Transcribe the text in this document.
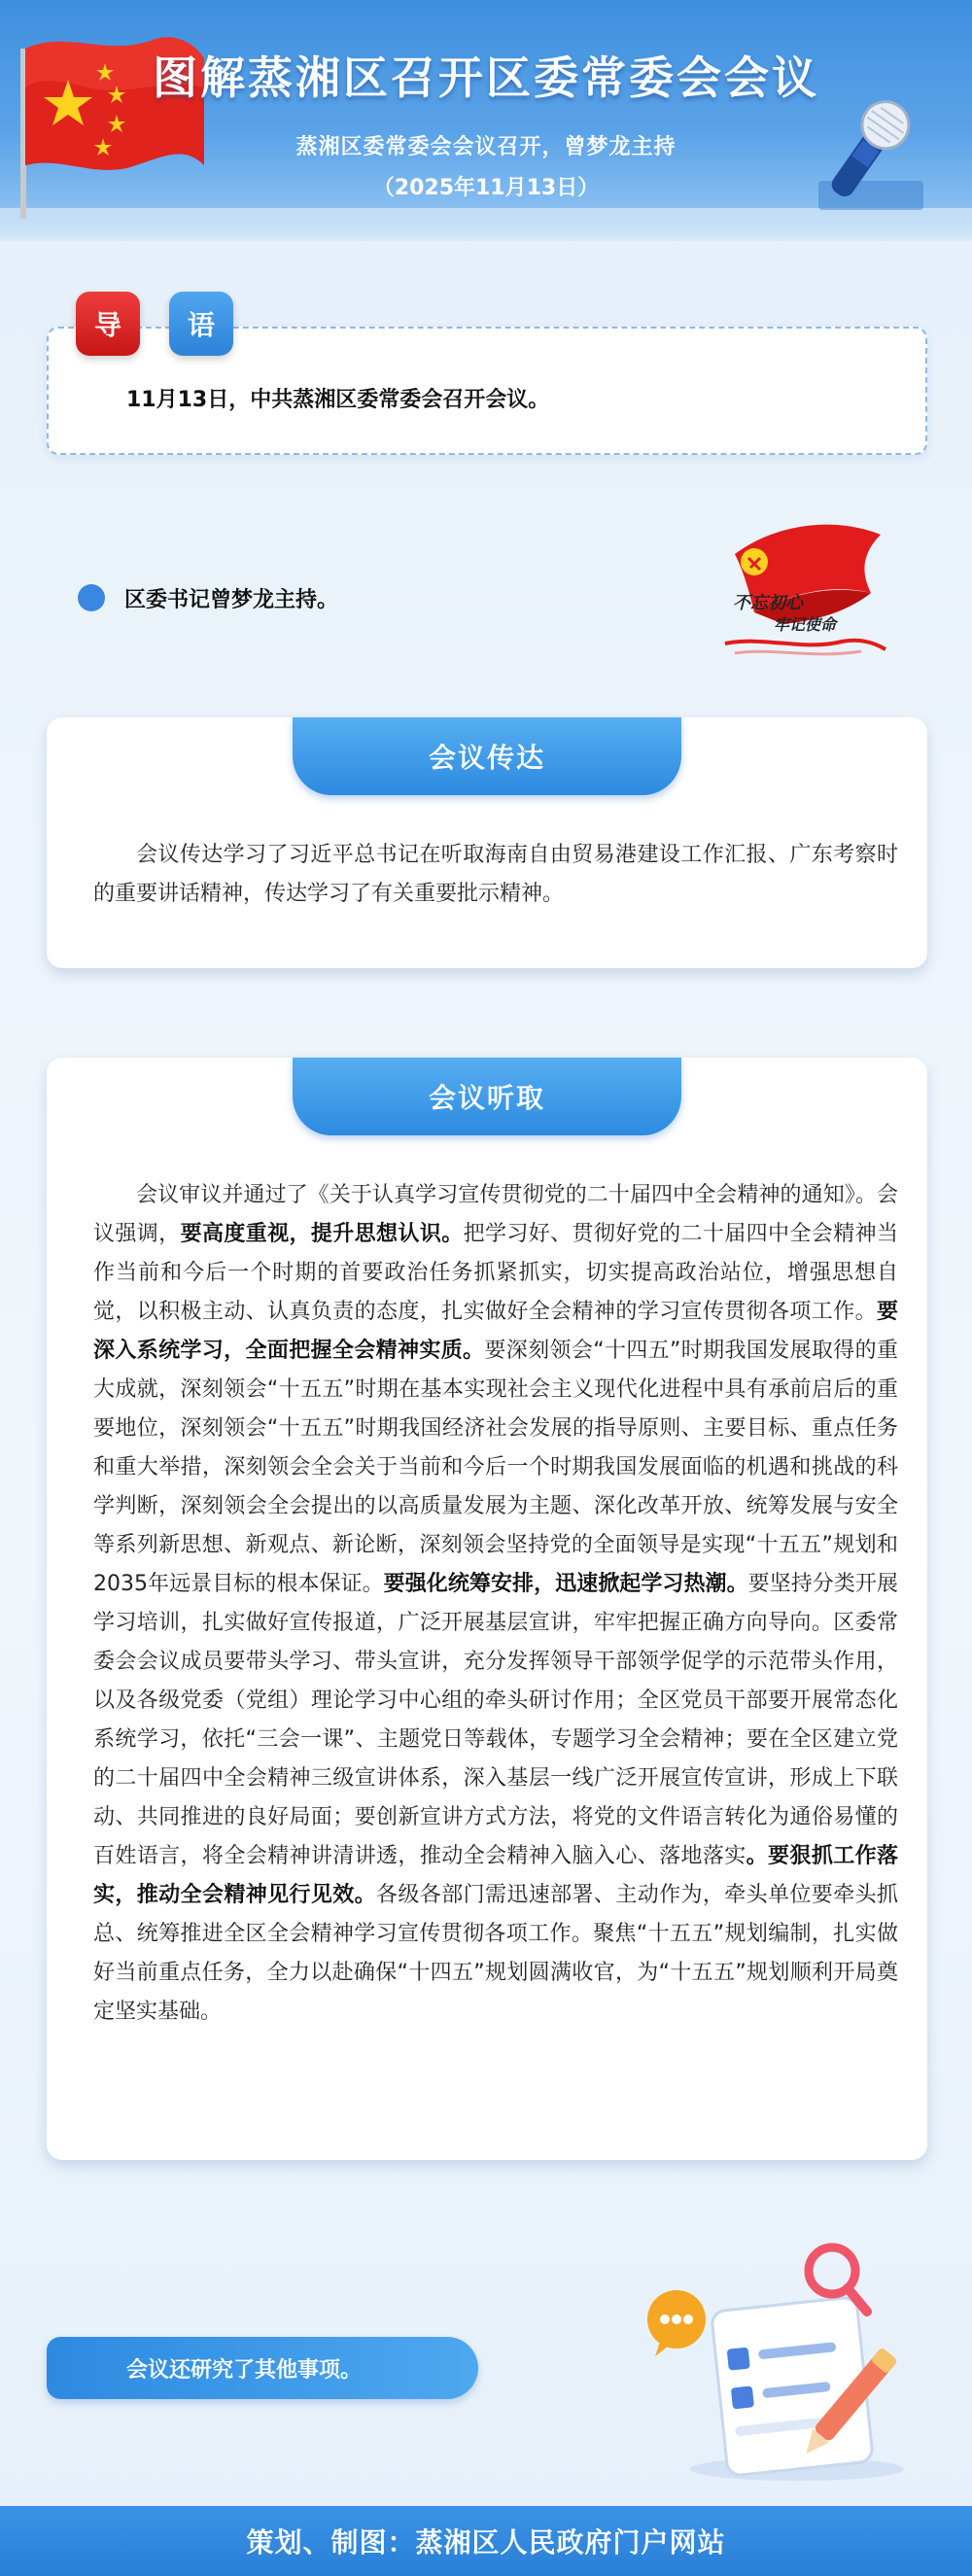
图解蒸湘区召开区委常委会会议
蒸湘区委常委会会议召开，曾梦龙主持
（2025年11月13日）
11月13日，中共蒸湘区委常委会召开会议。
导	语
区委书记曾梦龙主持。	不忘初心
牢记使命
会议传达
会议传达学习了习近平总书记在听取海南自由贸易港建设工作汇报、广东考察时的重要讲话精神，传达学习了有关重要批示精神。
会议听取
会议审议并通过了《关于认真学习宣传贯彻党的二十届四中全会精神的通知》。会议强调，要高度重视，提升思想认识。把学习好、贯彻好党的二十届四中全会精神当作当前和今后一个时期的首要政治任务抓紧抓实，切实提高政治站位，增强思想自觉，以积极主动、认真负责的态度，扎实做好全会精神的学习宣传贯彻各项工作。要深入系统学习，全面把握全会精神实质。要深刻领会“十四五”时期我国发展取得的重大成就，深刻领会“十五五”时期在基本实现社会主义现代化进程中具有承前启后的重要地位，深刻领会“十五五”时期我国经济社会发展的指导原则、主要目标、重点任务和重大举措，深刻领会全会关于当前和今后一个时期我国发展面临的机遇和挑战的科学判断，深刻领会全会提出的以高质量发展为主题、深化改革开放、统筹发展与安全等系列新思想、新观点、新论断，深刻领会坚持党的全面领导是实现“十五五”规划和2035年远景目标的根本保证。要强化统筹安排，迅速掀起学习热潮。要坚持分类开展学习培训，扎实做好宣传报道，广泛开展基层宣讲，牢牢把握正确方向导向。区委常委会会议成员要带头学习、带头宣讲，充分发挥领导干部领学促学的示范带头作用，以及各级党委（党组）理论学习中心组的牵头研讨作用；全区党员干部要开展常态化系统学习，依托“三会一课”、主题党日等载体，专题学习全会精神；要在全区建立党的二十届四中全会精神三级宣讲体系，深入基层一线广泛开展宣传宣讲，形成上下联动、共同推进的良好局面；要创新宣讲方式方法，将党的文件语言转化为通俗易懂的百姓语言，将全会精神讲清讲透，推动全会精神入脑入心、落地落实。要狠抓工作落实，推动全会精神见行见效。各级各部门需迅速部署、主动作为，牵头单位要牵头抓总、统筹推进全区全会精神学习宣传贯彻各项工作。聚焦“十五五”规划编制，扎实做好当前重点任务，全力以赴确保“十四五”规划圆满收官，为“十五五”规划顺利开局奠定坚实基础。
会议还研究了其他事项。
策划、制图：蒸湘区人民政府门户网站
